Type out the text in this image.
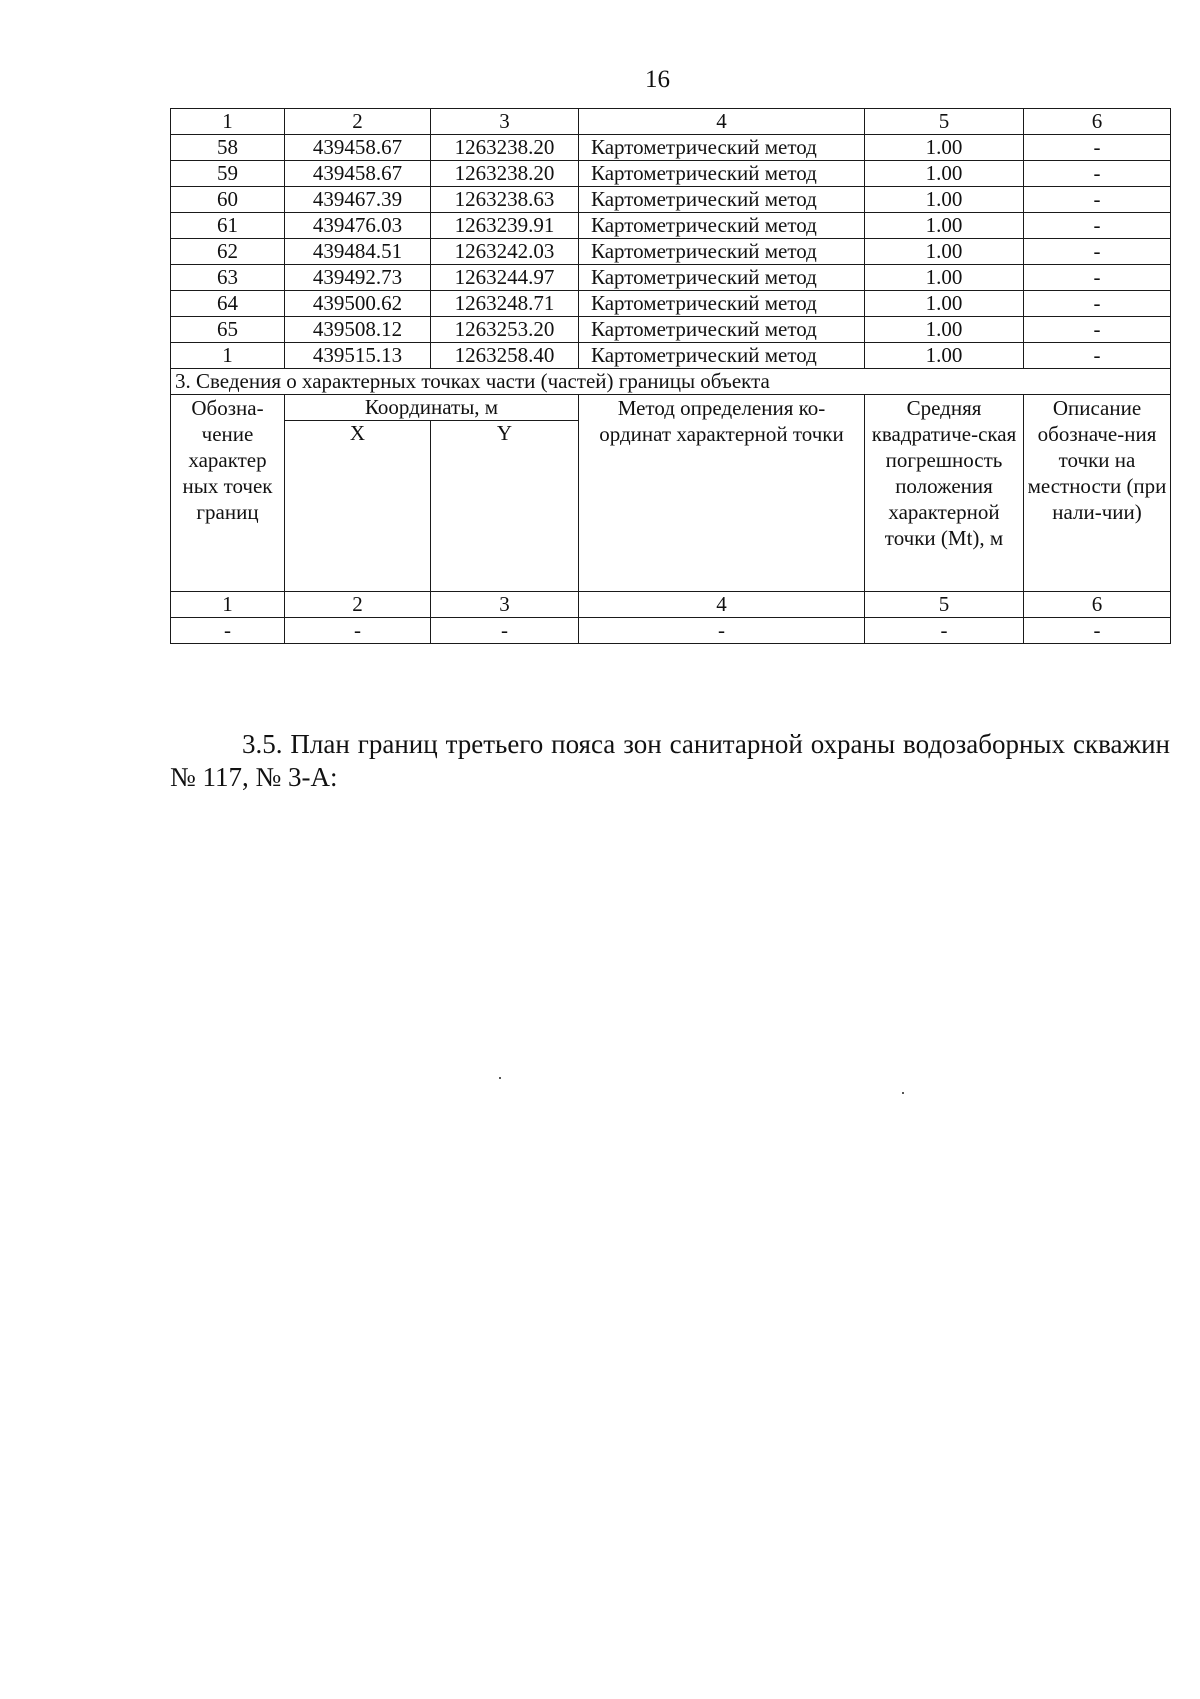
16
1	2	3	4	5	6
58	439458.67	1263238.20	Картометрический метод	1.00	-
59	439458.67	1263238.20	Картометрический метод	1.00	-
60	439467.39	1263238.63	Картометрический метод	1.00	-
61	439476.03	1263239.91	Картометрический метод	1.00	-
62	439484.51	1263242.03	Картометрический метод	1.00	-
63	439492.73	1263244.97	Картометрический метод	1.00	-
64	439500.62	1263248.71	Картометрический метод	1.00	-
65	439508.12	1263253.20	Картометрический метод	1.00	-
1	439515.13	1263258.40	Картометрический метод	1.00	-
3. Сведения о характерных точках части (частей) границы объекта					
Обозна-чение характер ных точек границ	Координаты, м		Метод определения ко-ординат характерной точки	Средняя квадратиче-ская погрешность положения характерной точки (Mt), м	Описание обозначе-ния точки на местности (при нали-чии)
	X	Y			
1	2	3	4	5	6
-	-	-	-	-	-
3.5. План границ третьего пояса зон санитарной охраны водозаборных скважин № 117, № 3-А:
